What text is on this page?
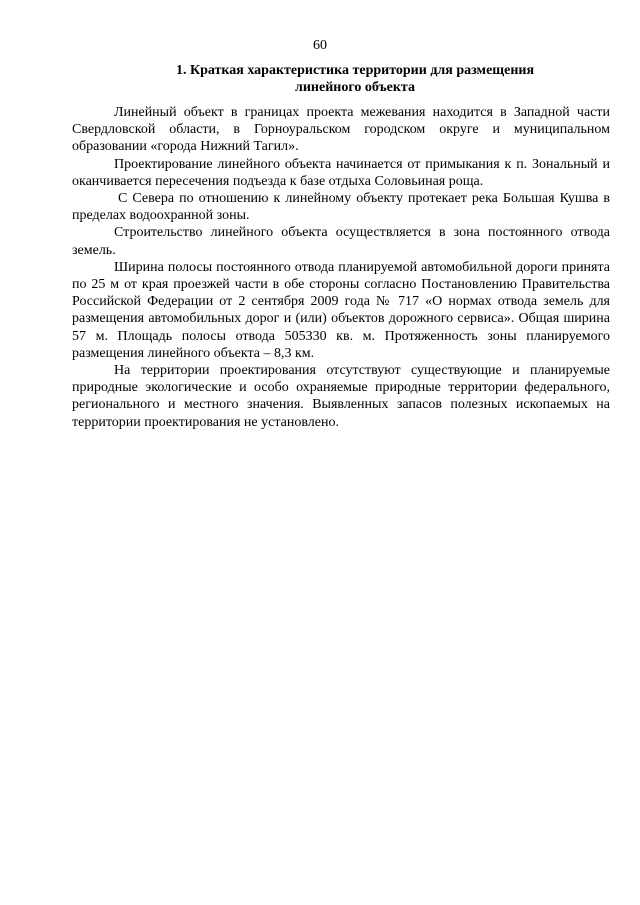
60
1. Краткая характеристика территории для размещения
линейного объекта

Линейный объект в границах проекта межевания находится в Западной части Свердловской области, в Горноуральском городском округе и муниципальном образовании «города Нижний Тагил».

Проектирование линейного объекта начинается от примыкания к п. Зональный и оканчивается пересечения подъезда к базе отдыха Соловьиная роща.

С Севера по отношению к линейному объекту протекает река Большая Кушва в пределах водоохранной зоны.

Строительство линейного объекта осуществляется в зона постоянного отвода земель.

Ширина полосы постоянного отвода планируемой автомобильной дороги принята по 25 м от края проезжей части в обе стороны согласно Постановлению Правительства Российской Федерации от 2 сентября 2009 года № 717 «О нормах отвода земель для размещения автомобильных дорог и (или) объектов дорожного сервиса». Общая ширина 57 м. Площадь полосы отвода 505330 кв. м. Протяженность зоны планируемого размещения линейного объекта – 8,3 км.

На территории проектирования отсутствуют существующие и планируемые природные экологические и особо охраняемые природные территории федерального, регионального и местного значения. Выявленных запасов полезных ископаемых на территории проектирования не установлено.
